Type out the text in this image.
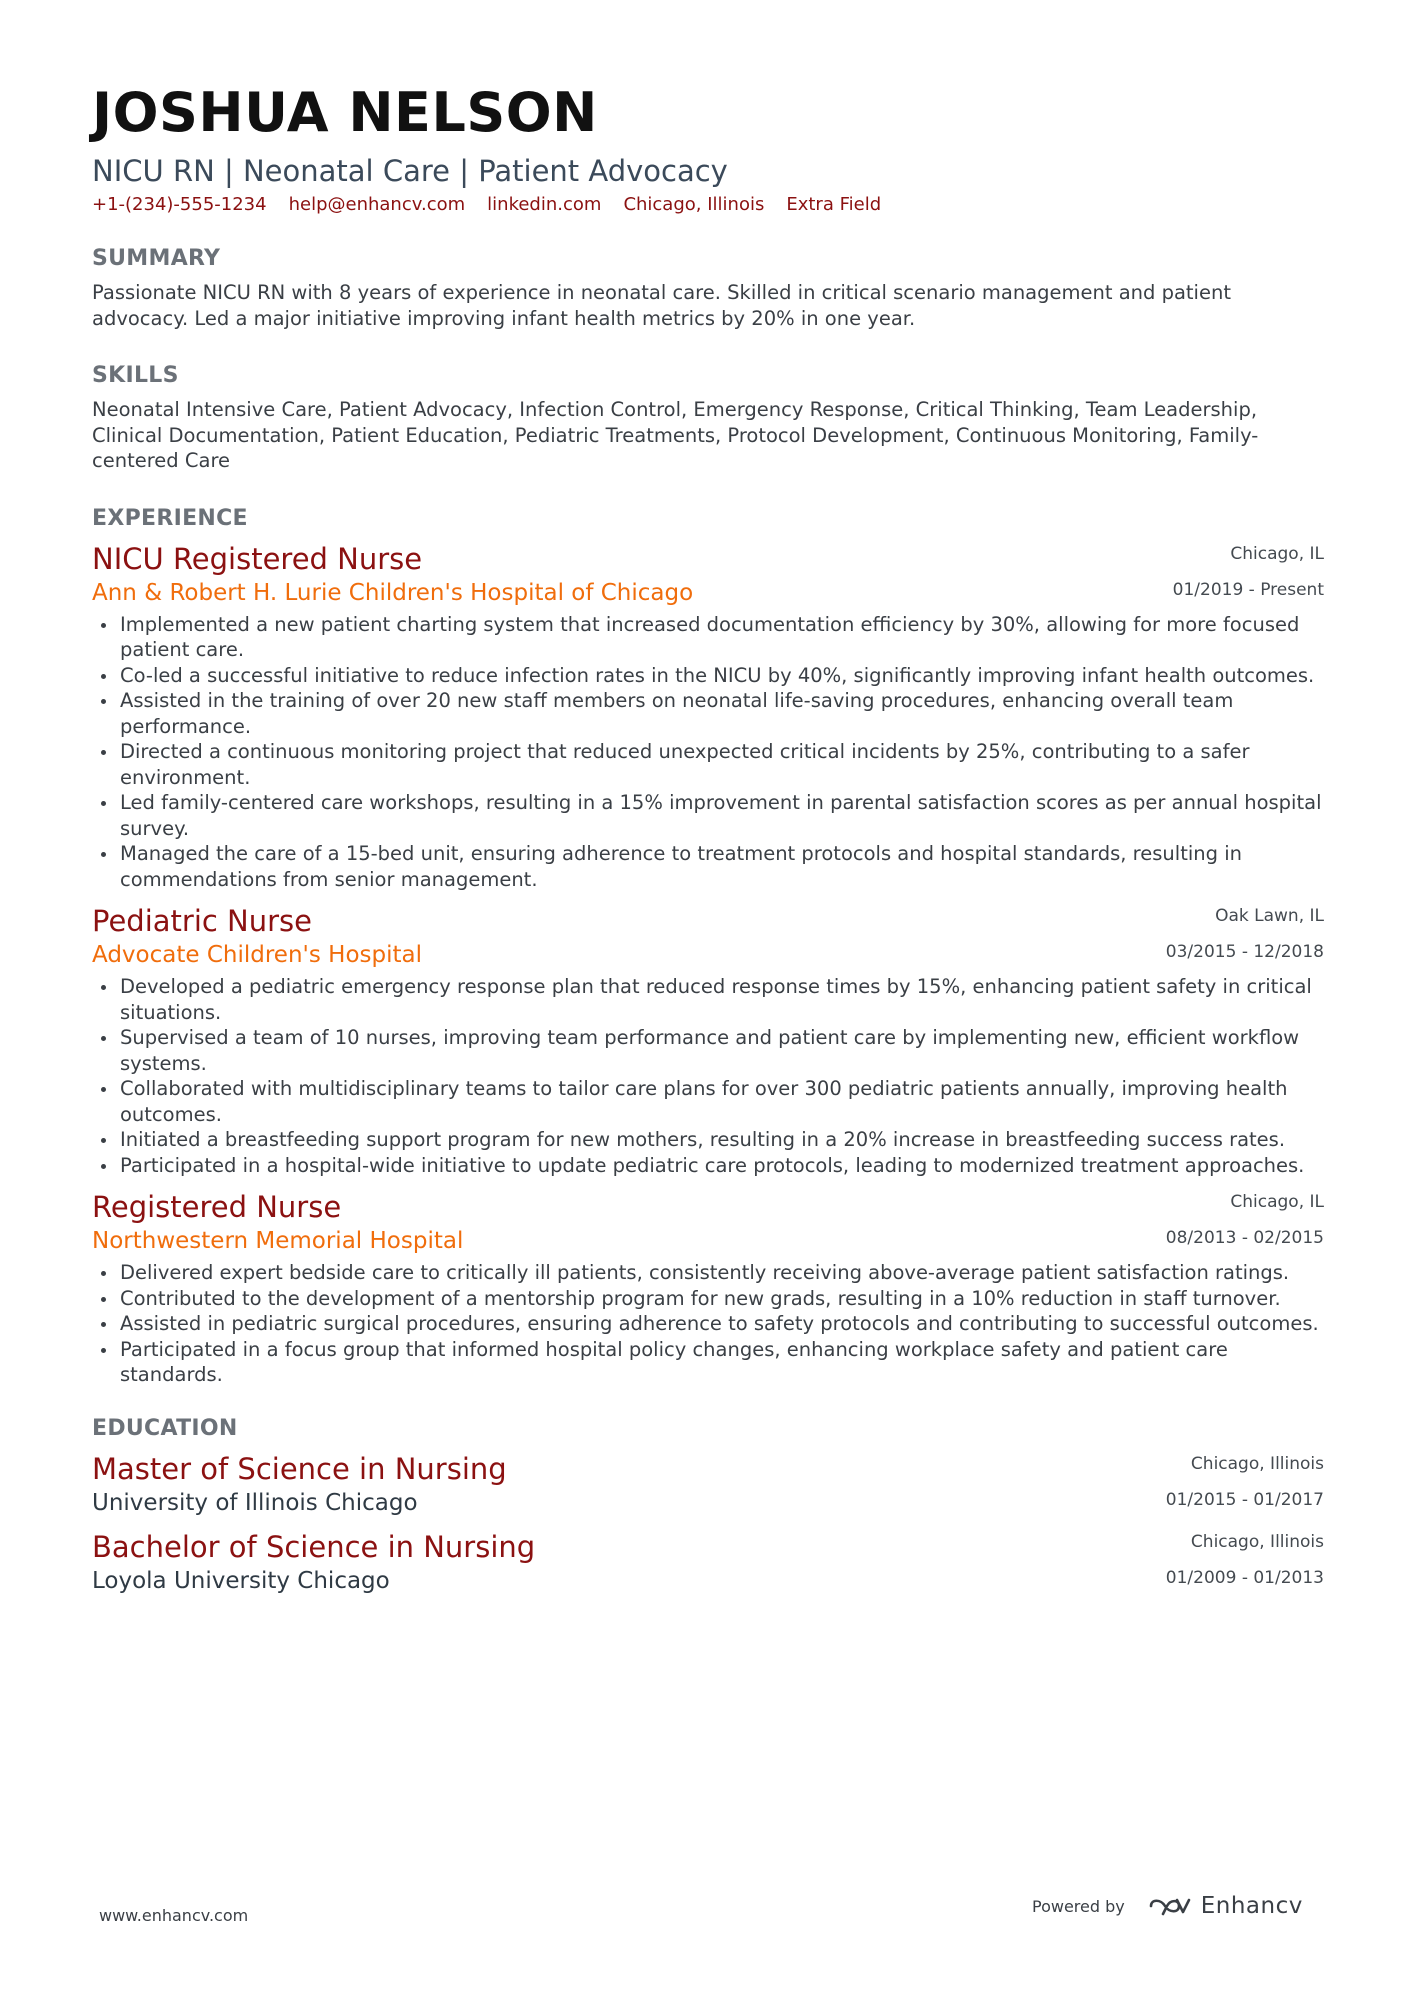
JOSHUA NELSON
NICU RN | Neonatal Care | Patient Advocacy
+1-(234)-555-1234 help@enhancv.com linkedin.com Chicago, Illinois Extra Field
SUMMARY

Passionate NICU RN with 8 years of experience in neonatal care. Skilled in critical scenario management and patient advocacy. Led a major initiative improving infant health metrics by 20% in one year.

SKILLS

Neonatal Intensive Care, Patient Advocacy, Infection Control, Emergency Response, Critical Thinking, Team Leadership, Clinical Documentation, Patient Education, Pediatric Treatments, Protocol Development, Continuous Monitoring, Family-centered Care

EXPERIENCE
NICU Registered Nurse
Ann & Robert H. Lurie Children's Hospital of Chicago
Chicago, IL
01/2019 - Present
Implemented a new patient charting system that increased documentation efficiency by 30%, allowing for more focused patient care.
Co-led a successful initiative to reduce infection rates in the NICU by 40%, significantly improving infant health outcomes.
Assisted in the training of over 20 new staff members on neonatal life-saving procedures, enhancing overall team performance.
Directed a continuous monitoring project that reduced unexpected critical incidents by 25%, contributing to a safer environment.
Led family-centered care workshops, resulting in a 15% improvement in parental satisfaction scores as per annual hospital survey.
Managed the care of a 15-bed unit, ensuring adherence to treatment protocols and hospital standards, resulting in commendations from senior management.
Pediatric Nurse
Advocate Children's Hospital
Oak Lawn, IL
03/2015 - 12/2018
Developed a pediatric emergency response plan that reduced response times by 15%, enhancing patient safety in critical situations.
Supervised a team of 10 nurses, improving team performance and patient care by implementing new, efficient workflow systems.
Collaborated with multidisciplinary teams to tailor care plans for over 300 pediatric patients annually, improving health outcomes.
Initiated a breastfeeding support program for new mothers, resulting in a 20% increase in breastfeeding success rates.
Participated in a hospital-wide initiative to update pediatric care protocols, leading to modernized treatment approaches.
Registered Nurse
Northwestern Memorial Hospital
Chicago, IL
08/2013 - 02/2015
Delivered expert bedside care to critically ill patients, consistently receiving above-average patient satisfaction ratings.
Contributed to the development of a mentorship program for new grads, resulting in a 10% reduction in staff turnover.
Assisted in pediatric surgical procedures, ensuring adherence to safety protocols and contributing to successful outcomes.
Participated in a focus group that informed hospital policy changes, enhancing workplace safety and patient care standards.
EDUCATION
Master of Science in Nursing
University of Illinois Chicago
Chicago, Illinois
01/2015 - 01/2017
Bachelor of Science in Nursing
Loyola University Chicago
Chicago, Illinois
01/2009 - 01/2013
www.enhancv.com	Powered by	Enhancv
